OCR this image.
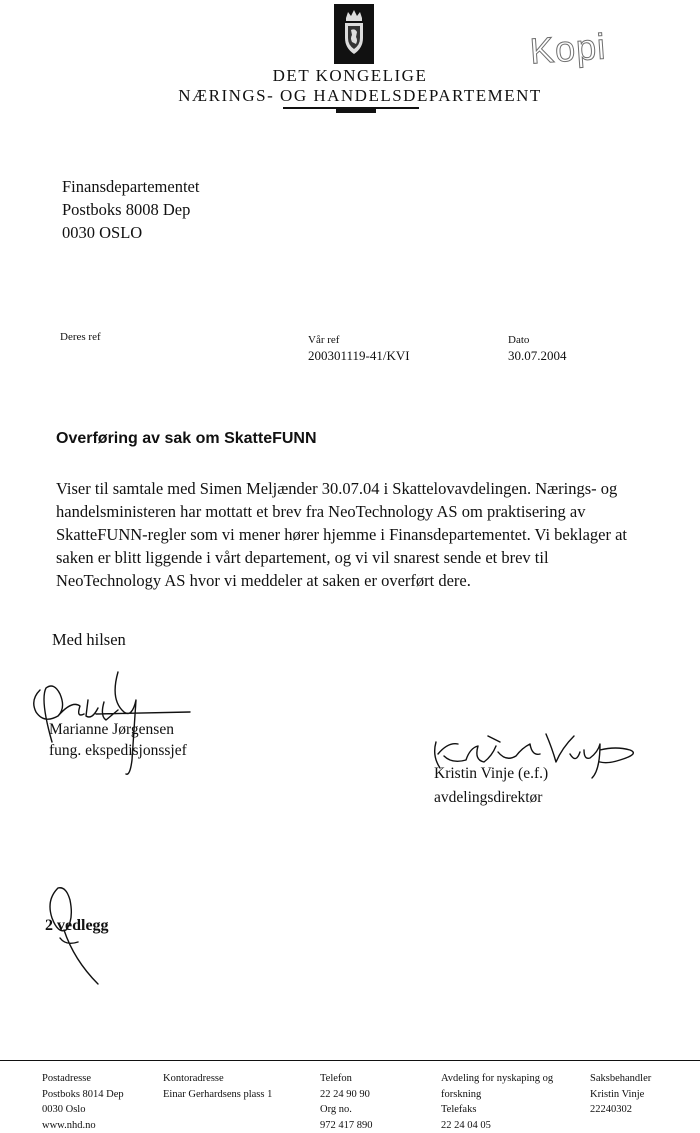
Kopi
DET KONGELIGE
NÆRINGS- OG HANDELSDEPARTEMENT
Finansdepartementet
Postboks 8008 Dep
0030 OSLO
Deres ref	Vår ref
200301119-41/KVI
Dato
30.07.2004
Overføring av sak om SkatteFUNN
Viser til samtale med Simen Meljænder 30.07.04 i Skattelovavdelingen. Nærings- og
handelsministeren har mottatt et brev fra NeoTechnology AS om praktisering av
SkatteFUNN-regler som vi mener hører hjemme i Finansdepartementet. Vi beklager at
saken er blitt liggende i vårt departement, og vi vil snarest sende et brev til
NeoTechnology AS hvor vi meddeler at saken er overført dere.
Med hilsen
Marianne Jørgensen
fung. ekspedisjonssjef
Kristin Vinje (e.f.)
avdelingsdirektør
2 vedlegg
Postadresse
Postboks 8014 Dep
0030 Oslo
www.nhd.no
Kontoradresse
Einar Gerhardsens plass 1
Telefon
22 24 90 90
Org no.
972 417 890
Avdeling for nyskaping og
forskning
Telefaks
22 24 04 05
Saksbehandler
Kristin Vinje
22240302
